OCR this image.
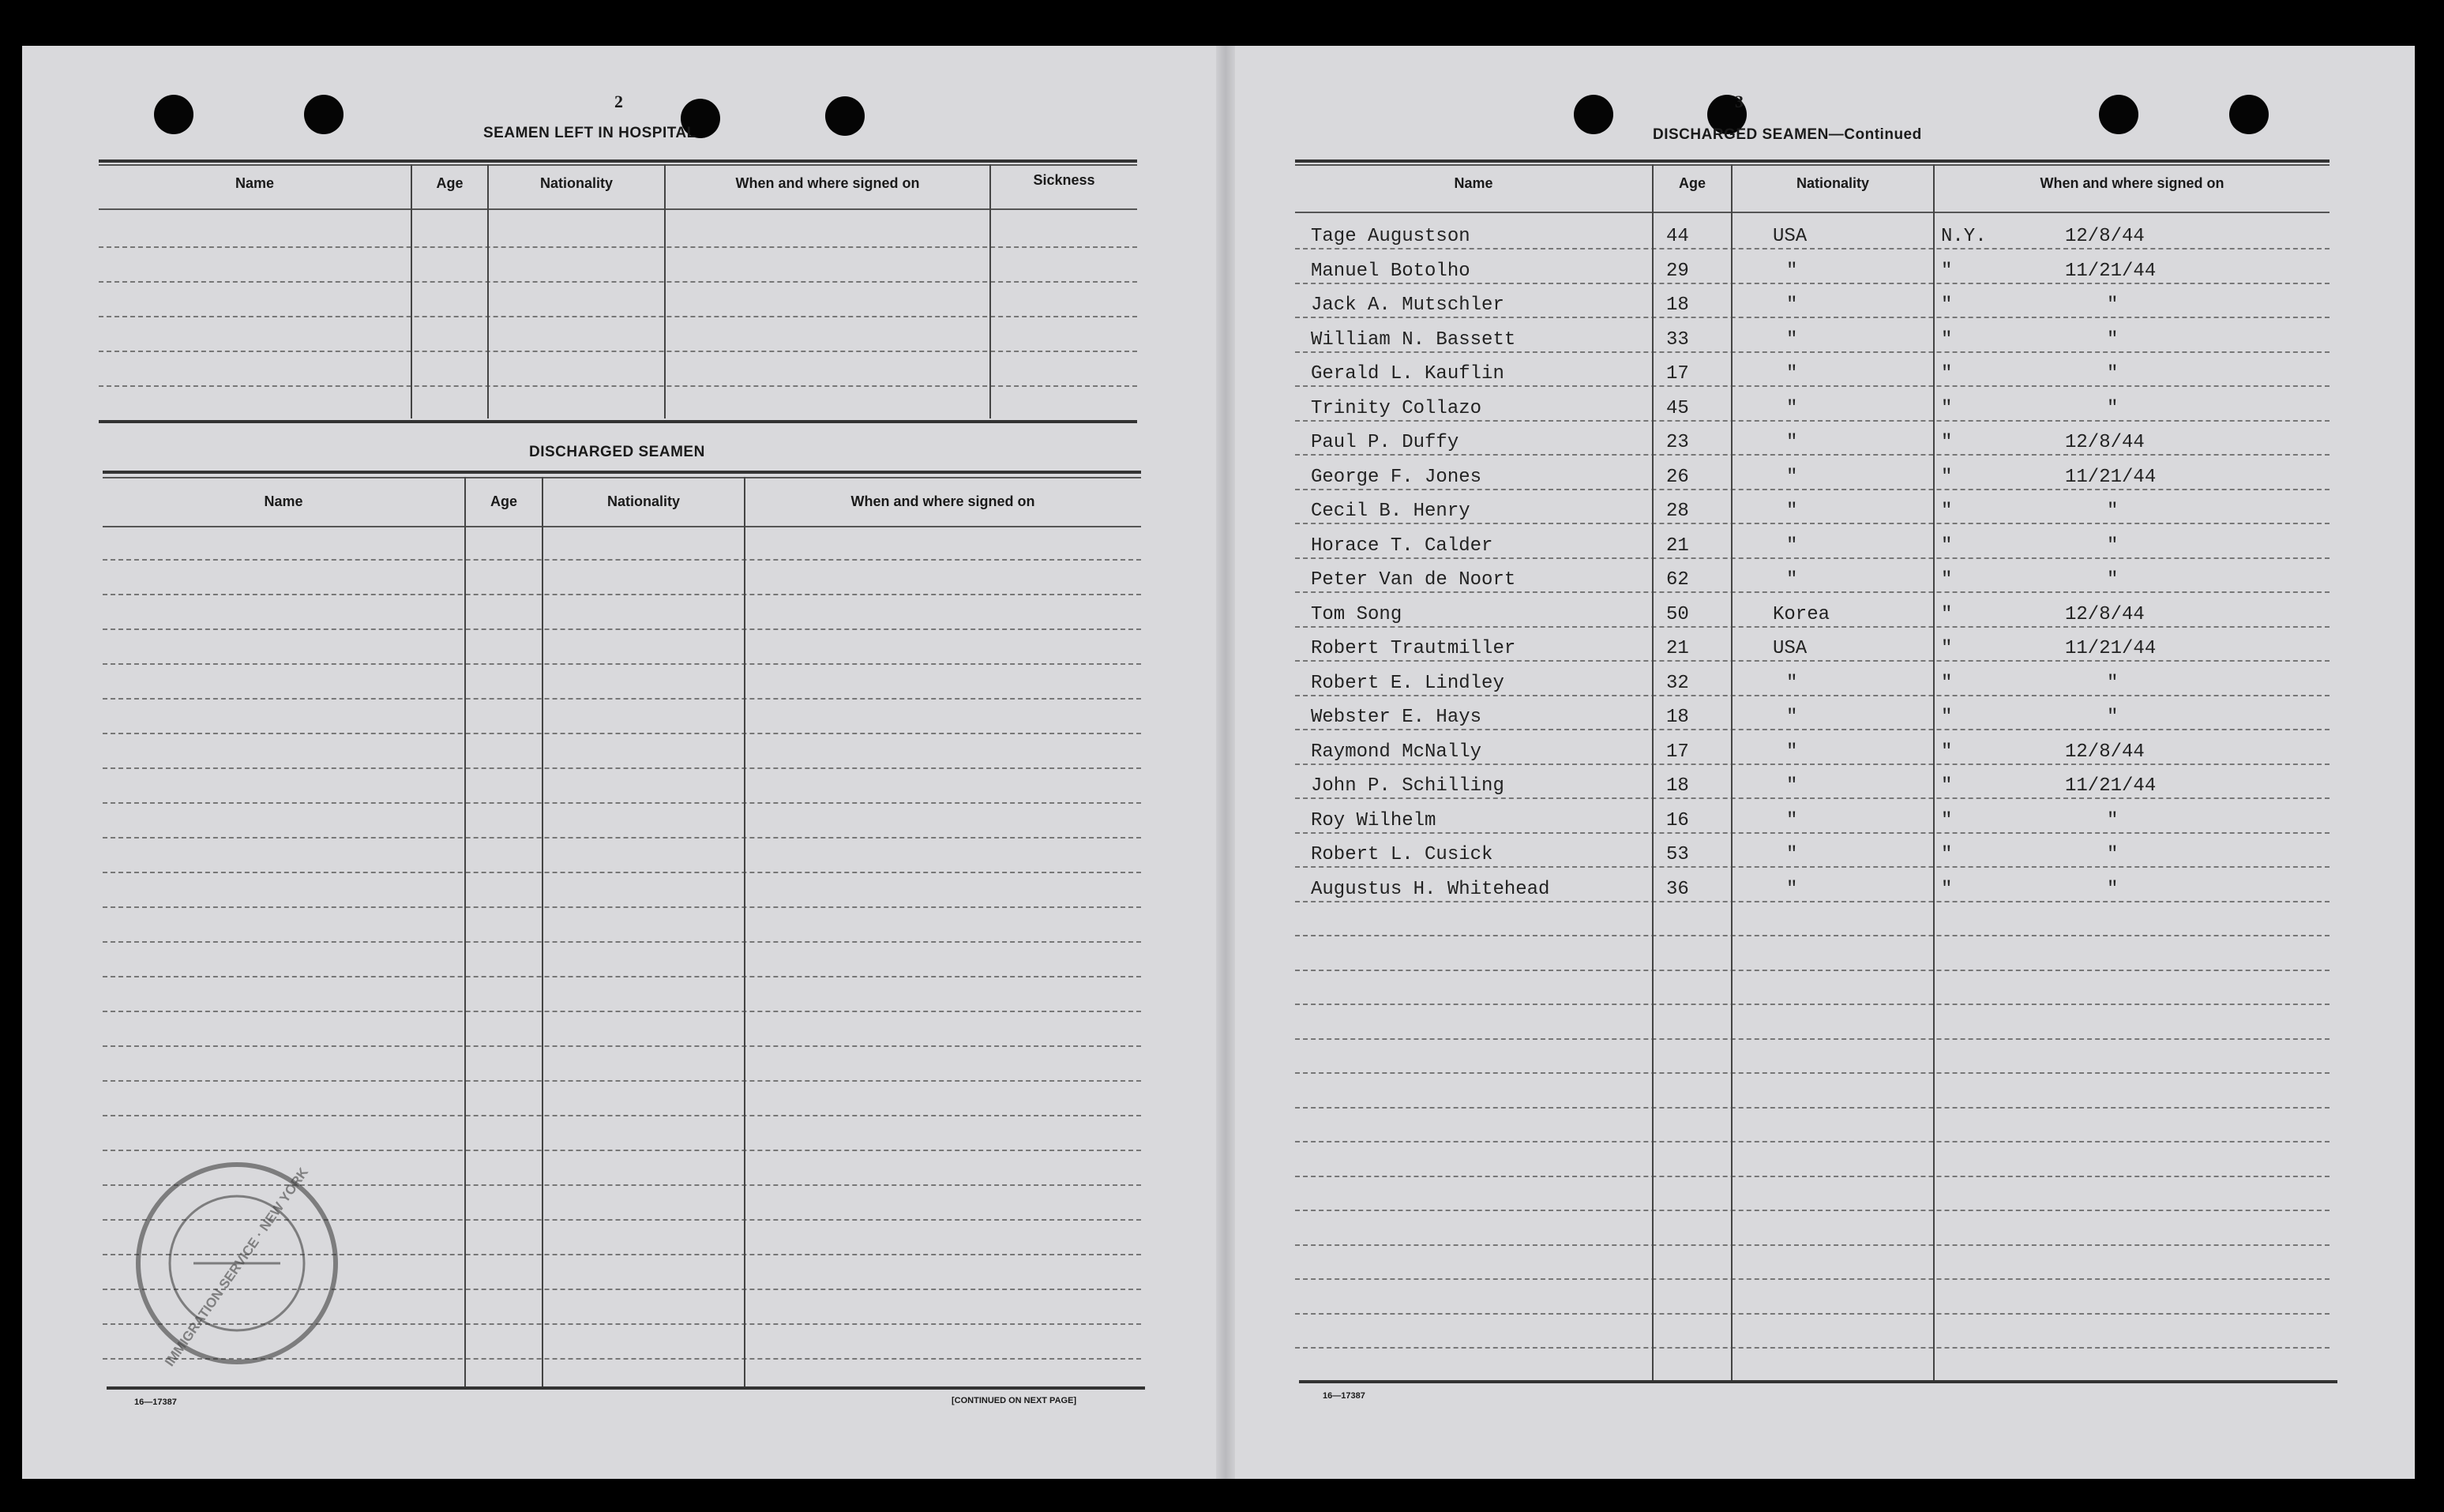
2
SEAMEN LEFT IN HOSPITAL
Name	Age	Nationality	When and where signed on	Sickness
DISCHARGED SEAMEN
Name	Age	Nationality	When and where signed on
16—17387	[CONTINUED ON NEXT PAGE]
IMMIGRATION SERVICE · NEW YORK
3
DISCHARGED SEAMEN—Continued
Name	Age	Nationality	When and where signed on
Tage Augustson	44	USA	N.Y.	12/8/44
Manuel Botolho	29	"	"	11/21/44
Jack A. Mutschler	18	"	"	"
William N. Bassett	33	"	"	"
Gerald L. Kauflin	17	"	"	"
Trinity Collazo	45	"	"	"
Paul P. Duffy	23	"	"	12/8/44
George F. Jones	26	"	"	11/21/44
Cecil B. Henry	28	"	"	"
Horace T. Calder	21	"	"	"
Peter Van de Noort	62	"	"	"
Tom Song	50	Korea	"	12/8/44
Robert Trautmiller	21	USA	"	11/21/44
Robert E. Lindley	32	"	"	"
Webster E. Hays	18	"	"	"
Raymond McNally	17	"	"	12/8/44
John P. Schilling	18	"	"	11/21/44
Roy Wilhelm	16	"	"	"
Robert L. Cusick	53	"	"	"
Augustus H. Whitehead	36	"	"	"
16—17387
